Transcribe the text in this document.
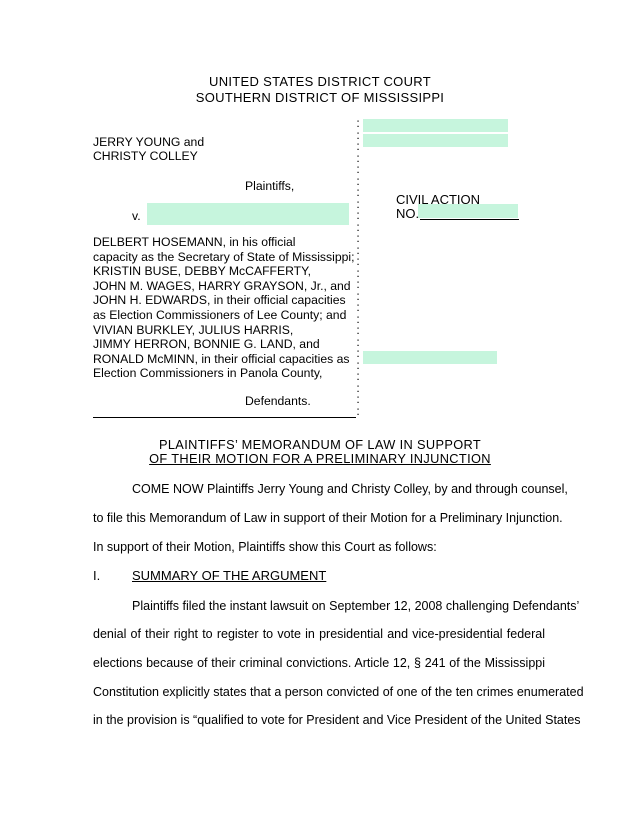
UNITED STATES DISTRICT COURT
SOUTHERN DISTRICT OF MISSISSIPPI
JERRY YOUNG and
CHRISTY COLLEY
Plaintiffs,
v.
CIVIL ACTION
NO.
DELBERT HOSEMANN, in his official
capacity as the Secretary of State of Mississippi;
KRISTIN BUSE, DEBBY McCAFFERTY,
JOHN M. WAGES, HARRY GRAYSON, Jr., and
JOHN H. EDWARDS, in their official capacities
as Election Commissioners of Lee County; and
VIVIAN BURKLEY, JULIUS HARRIS,
JIMMY HERRON, BONNIE G. LAND, and
RONALD McMINN, in their official capacities as
Election Commissioners in Panola County,
Defendants.
:
:
:
:
:
:
:
:
:
:
:
:
:
:
:
:
:
:
:
:
:
:
:
:
:
:
PLAINTIFFS’ MEMORANDUM OF LAW IN SUPPORT
OF THEIR MOTION FOR A PRELIMINARY INJUNCTION
COME NOW Plaintiffs Jerry Young and Christy Colley, by and through counsel,
to file this Memorandum of Law in support of their Motion for a Preliminary Injunction.
In support of their Motion, Plaintiffs show this Court as follows:
I. SUMMARY OF THE ARGUMENT
Plaintiffs filed the instant lawsuit on September 12, 2008 challenging Defendants’
denial of their right to register to vote in presidential and vice-presidential federal
elections because of their criminal convictions. Article 12, § 241 of the Mississippi
Constitution explicitly states that a person convicted of one of the ten crimes enumerated
in the provision is “qualified to vote for President and Vice President of the United States
